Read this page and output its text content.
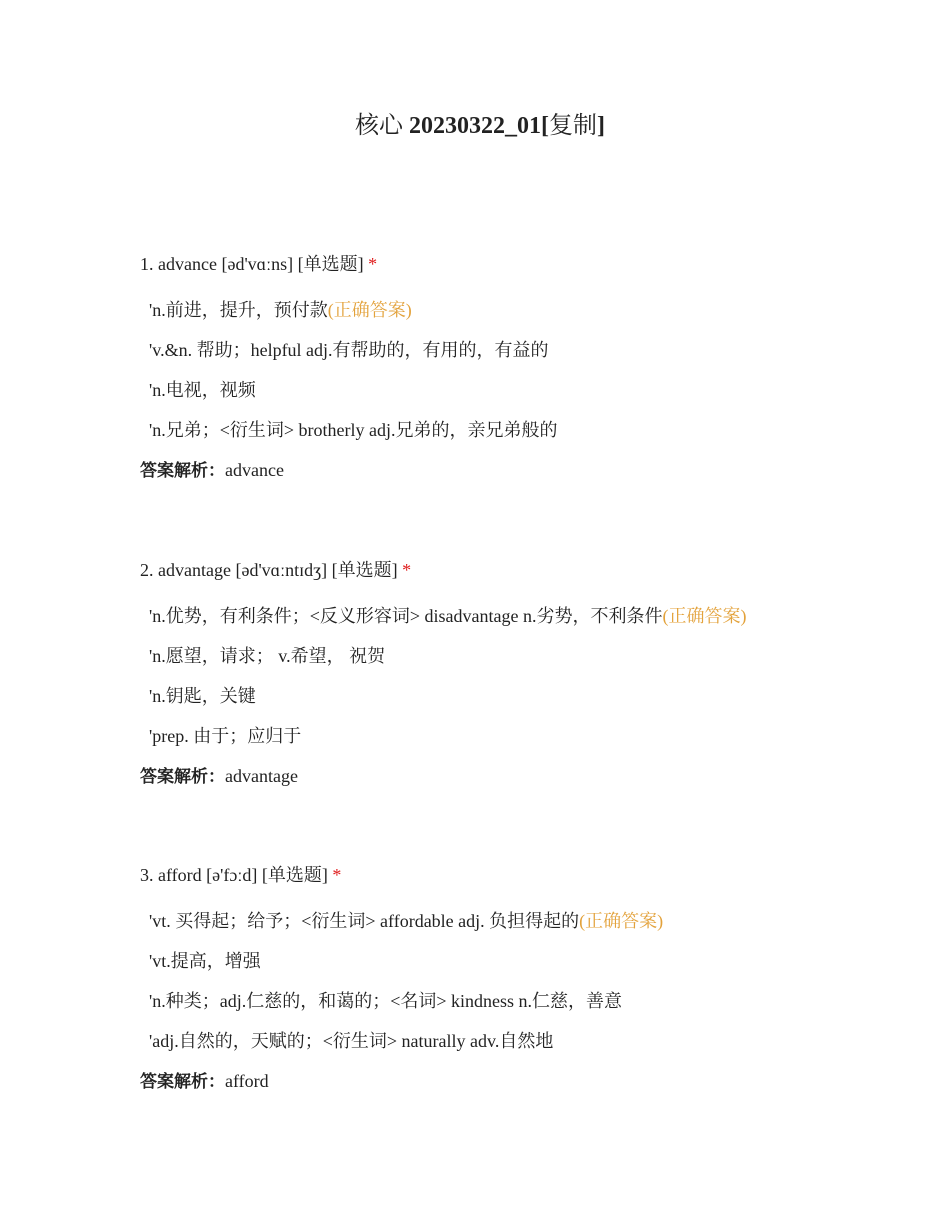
核心 20230322_01[复制]
1. advance [əd'vɑːns] [单选题] *
'n.前进，提升，预付款(正确答案)
'v.&n. 帮助；helpful adj.有帮助的，有用的，有益的
'n.电视，视频
'n.兄弟；<衍生词> brotherly adj.兄弟的，亲兄弟般的
答案解析：advance
2. advantage [əd'vɑːntɪdʒ] [单选题] *
'n.优势，有利条件；<反义形容词> disadvantage n.劣势，不利条件(正确答案)
'n.愿望，请求； v.希望， 祝贺
'n.钥匙，关键
'prep. 由于；应归于
答案解析：advantage
3. afford [ə'fɔːd] [单选题] *
'vt. 买得起；给予；<衍生词> affordable adj. 负担得起的(正确答案)
'vt.提高，增强
'n.种类；adj.仁慈的，和蔼的；<名词> kindness n.仁慈，善意
'adj.自然的，天赋的；<衍生词> naturally adv.自然地
答案解析：afford
